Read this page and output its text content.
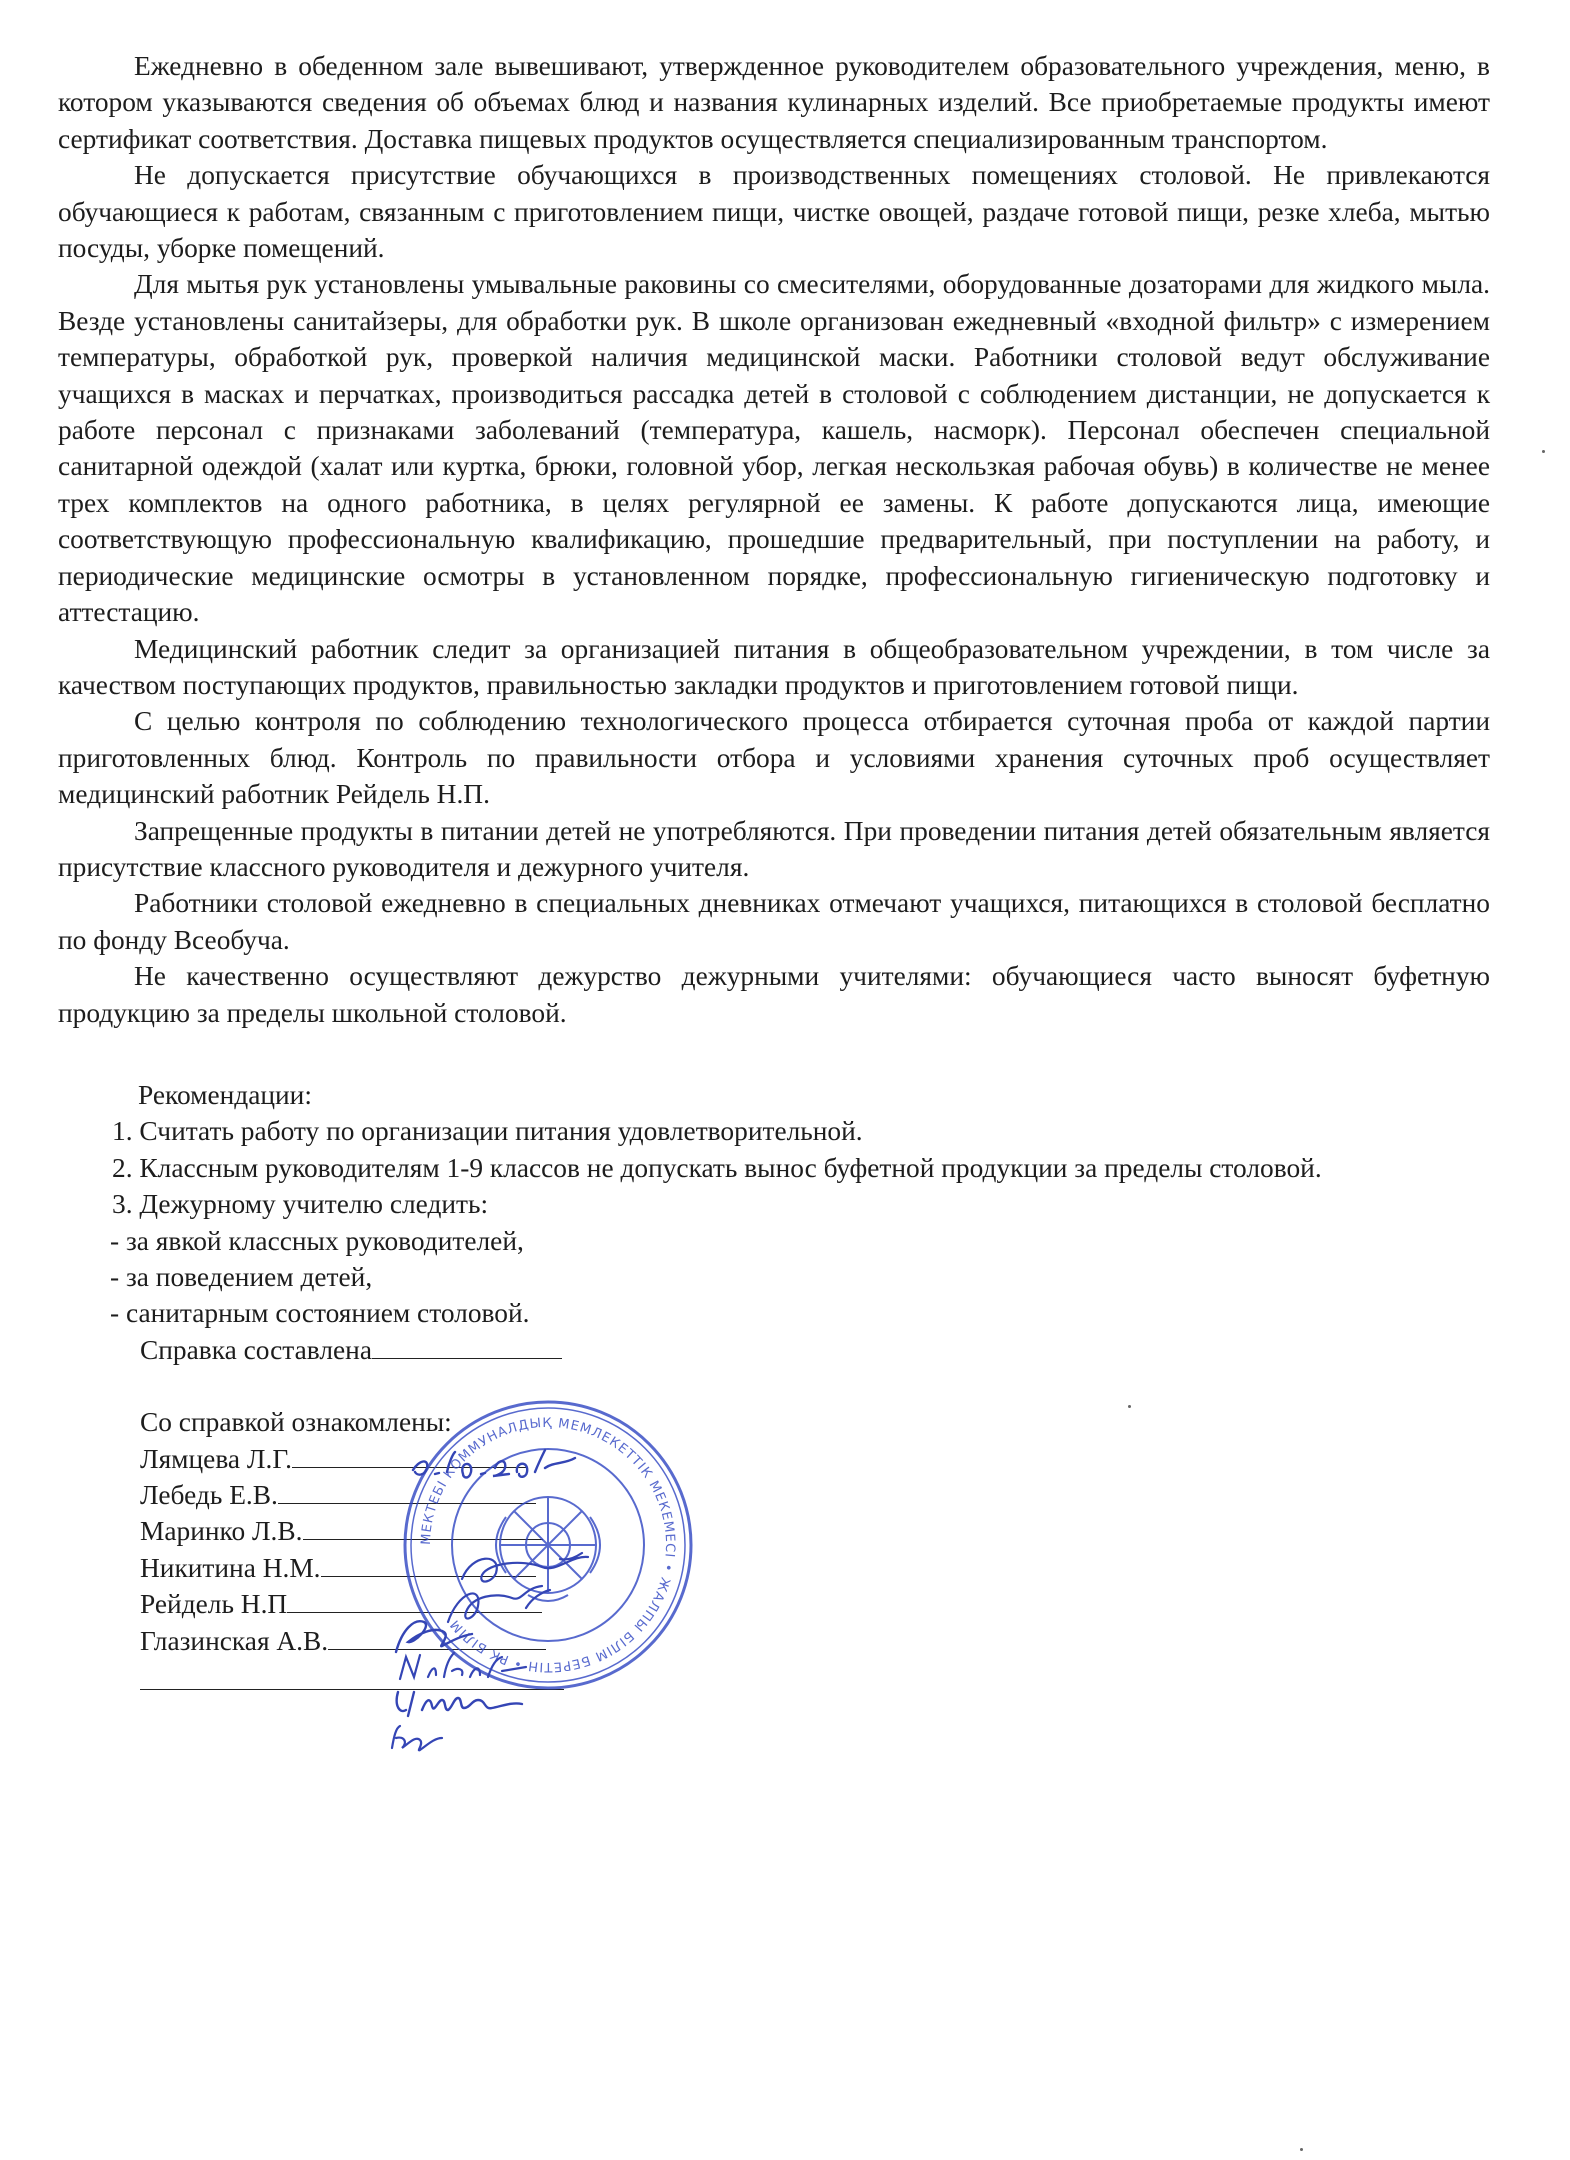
Ежедневно в обеденном зале вывешивают, утвержденное руководителем образовательного учреждения, меню, в котором указываются сведения об объемах блюд и названия кулинарных изделий. Все приобретаемые продукты имеют сертификат соответствия. Доставка пищевых продуктов осуществляется специализированным транспортом.

Не допускается присутствие обучающихся в производственных помещениях столовой. Не привлекаются обучающиеся к работам, связанным с приготовлением пищи, чистке овощей, раздаче готовой пищи, резке хлеба, мытью посуды, уборке помещений.

Для мытья рук установлены умывальные раковины со смесителями, оборудованные дозаторами для жидкого мыла. Везде установлены санитайзеры, для обработки рук. В школе организован ежедневный «входной фильтр» с измерением температуры, обработкой рук, проверкой наличия медицинской маски. Работники столовой ведут обслуживание учащихся в масках и перчатках, производиться рассадка детей в столовой с соблюдением дистанции, не допускается к работе персонал с признаками заболеваний (температура, кашель, насморк). Персонал обеспечен специальной санитарной одеждой (халат или куртка, брюки, головной убор, легкая нескользкая рабочая обувь) в количестве не менее трех комплектов на одного работника, в целях регулярной ее замены. К работе допускаются лица, имеющие соответствующую профессиональную квалификацию, прошедшие предварительный, при поступлении на работу, и периодические медицинские осмотры в установленном порядке, профессиональную гигиеническую подготовку и аттестацию.

Медицинский работник следит за организацией питания в общеобразовательном учреждении, в том числе за качеством поступающих продуктов, правильностью закладки продуктов и приготовлением готовой пищи.

С целью контроля по соблюдению технологического процесса отбирается суточная проба от каждой партии приготовленных блюд. Контроль по правильности отбора и условиями хранения суточных проб осуществляет медицинский работник Рейдель Н.П.

Запрещенные продукты в питании детей не употребляются. При проведении питания детей обязательным является присутствие классного руководителя и дежурного учителя.

Работники столовой ежедневно в специальных дневниках отмечают учащихся, питающихся в столовой бесплатно по фонду Всеобуча.

Не качественно осуществляют дежурство дежурными учителями: обучающиеся часто выносят буфетную продукцию за пределы школьной столовой.

Рекомендации:

1. Считать работу по организации питания удовлетворительной.

2. Классным руководителям 1-9 классов не допускать вынос буфетной продукции за пределы столовой.

3. Дежурному учителю следить:

- за явкой классных руководителей,

- за поведением детей,

- санитарным состоянием столовой.

Справка составлена

Со справкой ознакомлены:

Лямцева Л.Г.

Лебедь Е.В.

Маринко Л.В.

Никитина Н.М.

Рейдель Н.П

Глазинская А.В.

МЕКТЕБІ КОММУНАЛДЫҚ МЕМЛЕКЕТТІК МЕКЕМЕСІ • ЖАЛПЫ БІЛІМ БЕРЕТІН • РК БІЛІМ
